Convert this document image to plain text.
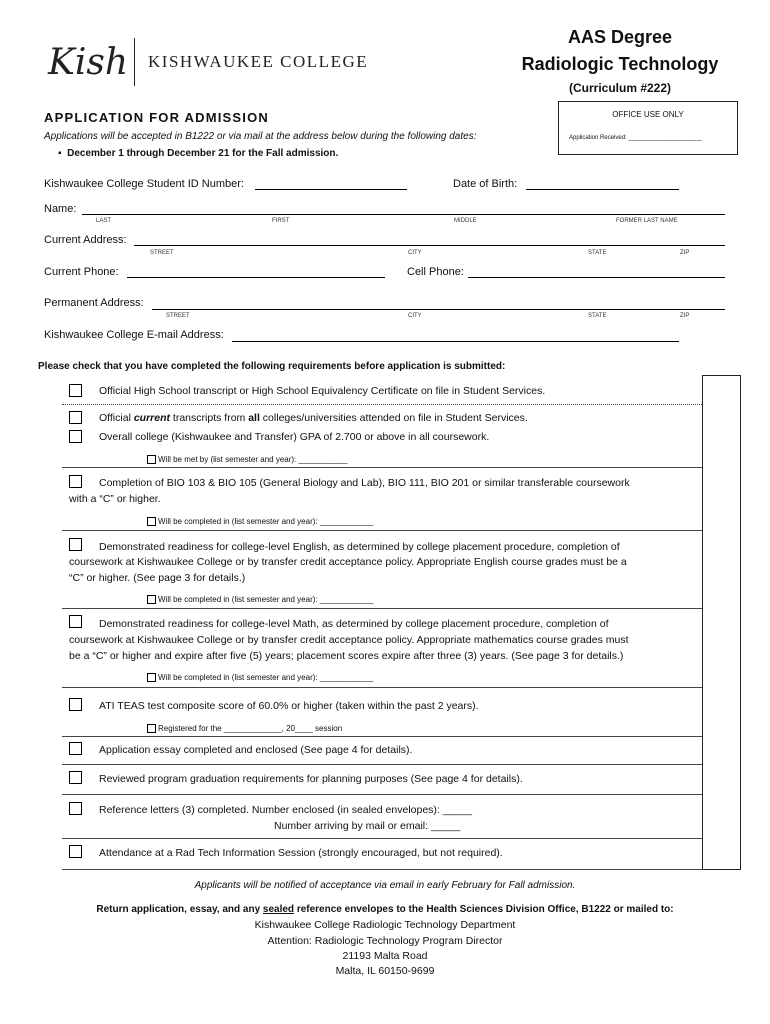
Kish KISHWAUKEE COLLEGE
AAS Degree
Radiologic Technology
(Curriculum #222)
OFFICE USE ONLY
Application Received: ______________________
APPLICATION FOR ADMISSION
Applications will be accepted in B1222 or via mail at the address below during the following dates:
▪ December 1 through December 21 for the Fall admission.
Kishwaukee College Student ID Number:	Date of Birth:
Name:
LAST	FIRST	MIDDLE	FORMER LAST NAME
Current Address:
STREET	CITY	STATE	ZIP
Current Phone:	Cell Phone:
Permanent Address:
STREET	CITY	STATE	ZIP
Kishwaukee College E-mail Address:
Please check that you have completed the following requirements before application is submitted:
Official High School transcript or High School Equivalency Certificate on file in Student Services.
Official current transcripts from all colleges/universities attended on file in Student Services.
Overall college (Kishwaukee and Transfer) GPA of 2.700 or above in all coursework.
Will be met by (list semester and year): ___________
Completion of BIO 103 & BIO 105 (General Biology and Lab), BIO 111, BIO 201 or similar transferable coursework
with a “C” or higher.
Will be completed in (list semester and year): ____________
Demonstrated readiness for college-level English, as determined by college placement procedure, completion of
coursework at Kishwaukee College or by transfer credit acceptance policy. Appropriate English course grades must be a
“C” or higher. (See page 3 for details.)
Will be completed in (list semester and year): ____________
Demonstrated readiness for college-level Math, as determined by college placement procedure, completion of
coursework at Kishwaukee College or by transfer credit acceptance policy. Appropriate mathematics course grades must
be a “C” or higher and expire after five (5) years; placement scores expire after three (3) years. (See page 3 for details.)
Will be completed in (list semester and year): ____________
ATI TEAS test composite score of 60.0% or higher (taken within the past 2 years).
Registered for the _____________, 20____ session
Application essay completed and enclosed (See page 4 for details).
Reviewed program graduation requirements for planning purposes (See page 4 for details).
Reference letters (3) completed. Number enclosed (in sealed envelopes): _____
Number arriving by mail or email: _____
Attendance at a Rad Tech Information Session (strongly encouraged, but not required).
Applicants will be notified of acceptance via email in early February for Fall admission.
Return application, essay, and any sealed reference envelopes to the Health Sciences Division Office, B1222 or mailed to:
Kishwaukee College Radiologic Technology Department
Attention: Radiologic Technology Program Director
21193 Malta Road
Malta, IL 60150-9699
